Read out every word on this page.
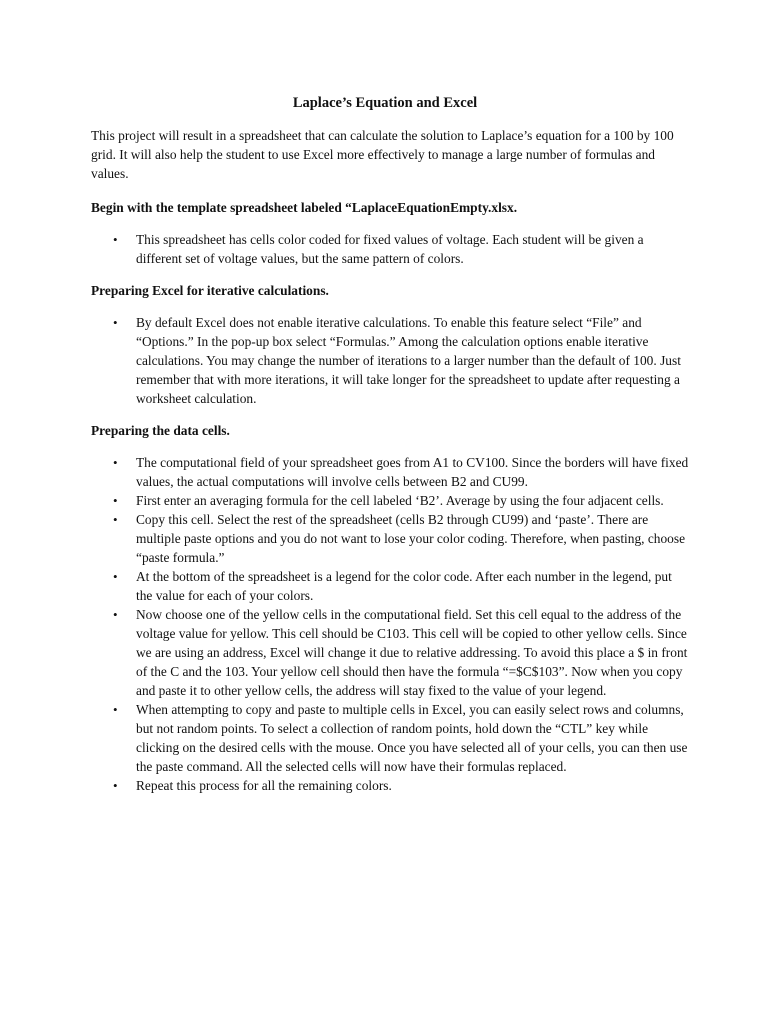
Laplace’s Equation and Excel

This project will result in a spreadsheet that can calculate the solution to Laplace’s equation for a 100 by 100 grid. It will also help the student to use Excel more effectively to manage a large number of formulas and values.

Begin with the template spreadsheet labeled “LaplaceEquationEmpty.xlsx.

• This spreadsheet has cells color coded for fixed values of voltage. Each student will be given a different set of voltage values, but the same pattern of colors.

Preparing Excel for iterative calculations.

• By default Excel does not enable iterative calculations. To enable this feature select “File” and “Options.” In the pop-up box select “Formulas.” Among the calculation options enable iterative calculations. You may change the number of iterations to a larger number than the default of 100. Just remember that with more iterations, it will take longer for the spreadsheet to update after requesting a worksheet calculation.

Preparing the data cells.

• The computational field of your spreadsheet goes from A1 to CV100. Since the borders will have fixed values, the actual computations will involve cells between B2 and CU99.
• First enter an averaging formula for the cell labeled ‘B2’. Average by using the four adjacent cells.
• Copy this cell. Select the rest of the spreadsheet (cells B2 through CU99) and ‘paste’. There are multiple paste options and you do not want to lose your color coding. Therefore, when pasting, choose “paste formula.”
• At the bottom of the spreadsheet is a legend for the color code. After each number in the legend, put the value for each of your colors.
• Now choose one of the yellow cells in the computational field. Set this cell equal to the address of the voltage value for yellow. This cell should be C103. This cell will be copied to other yellow cells. Since we are using an address, Excel will change it due to relative addressing. To avoid this place a $ in front of the C and the 103. Your yellow cell should then have the formula “=$C$103”. Now when you copy and paste it to other yellow cells, the address will stay fixed to the value of your legend.
• When attempting to copy and paste to multiple cells in Excel, you can easily select rows and columns, but not random points. To select a collection of random points, hold down the “CTL” key while clicking on the desired cells with the mouse. Once you have selected all of your cells, you can then use the paste command. All the selected cells will now have their formulas replaced.
• Repeat this process for all the remaining colors.
